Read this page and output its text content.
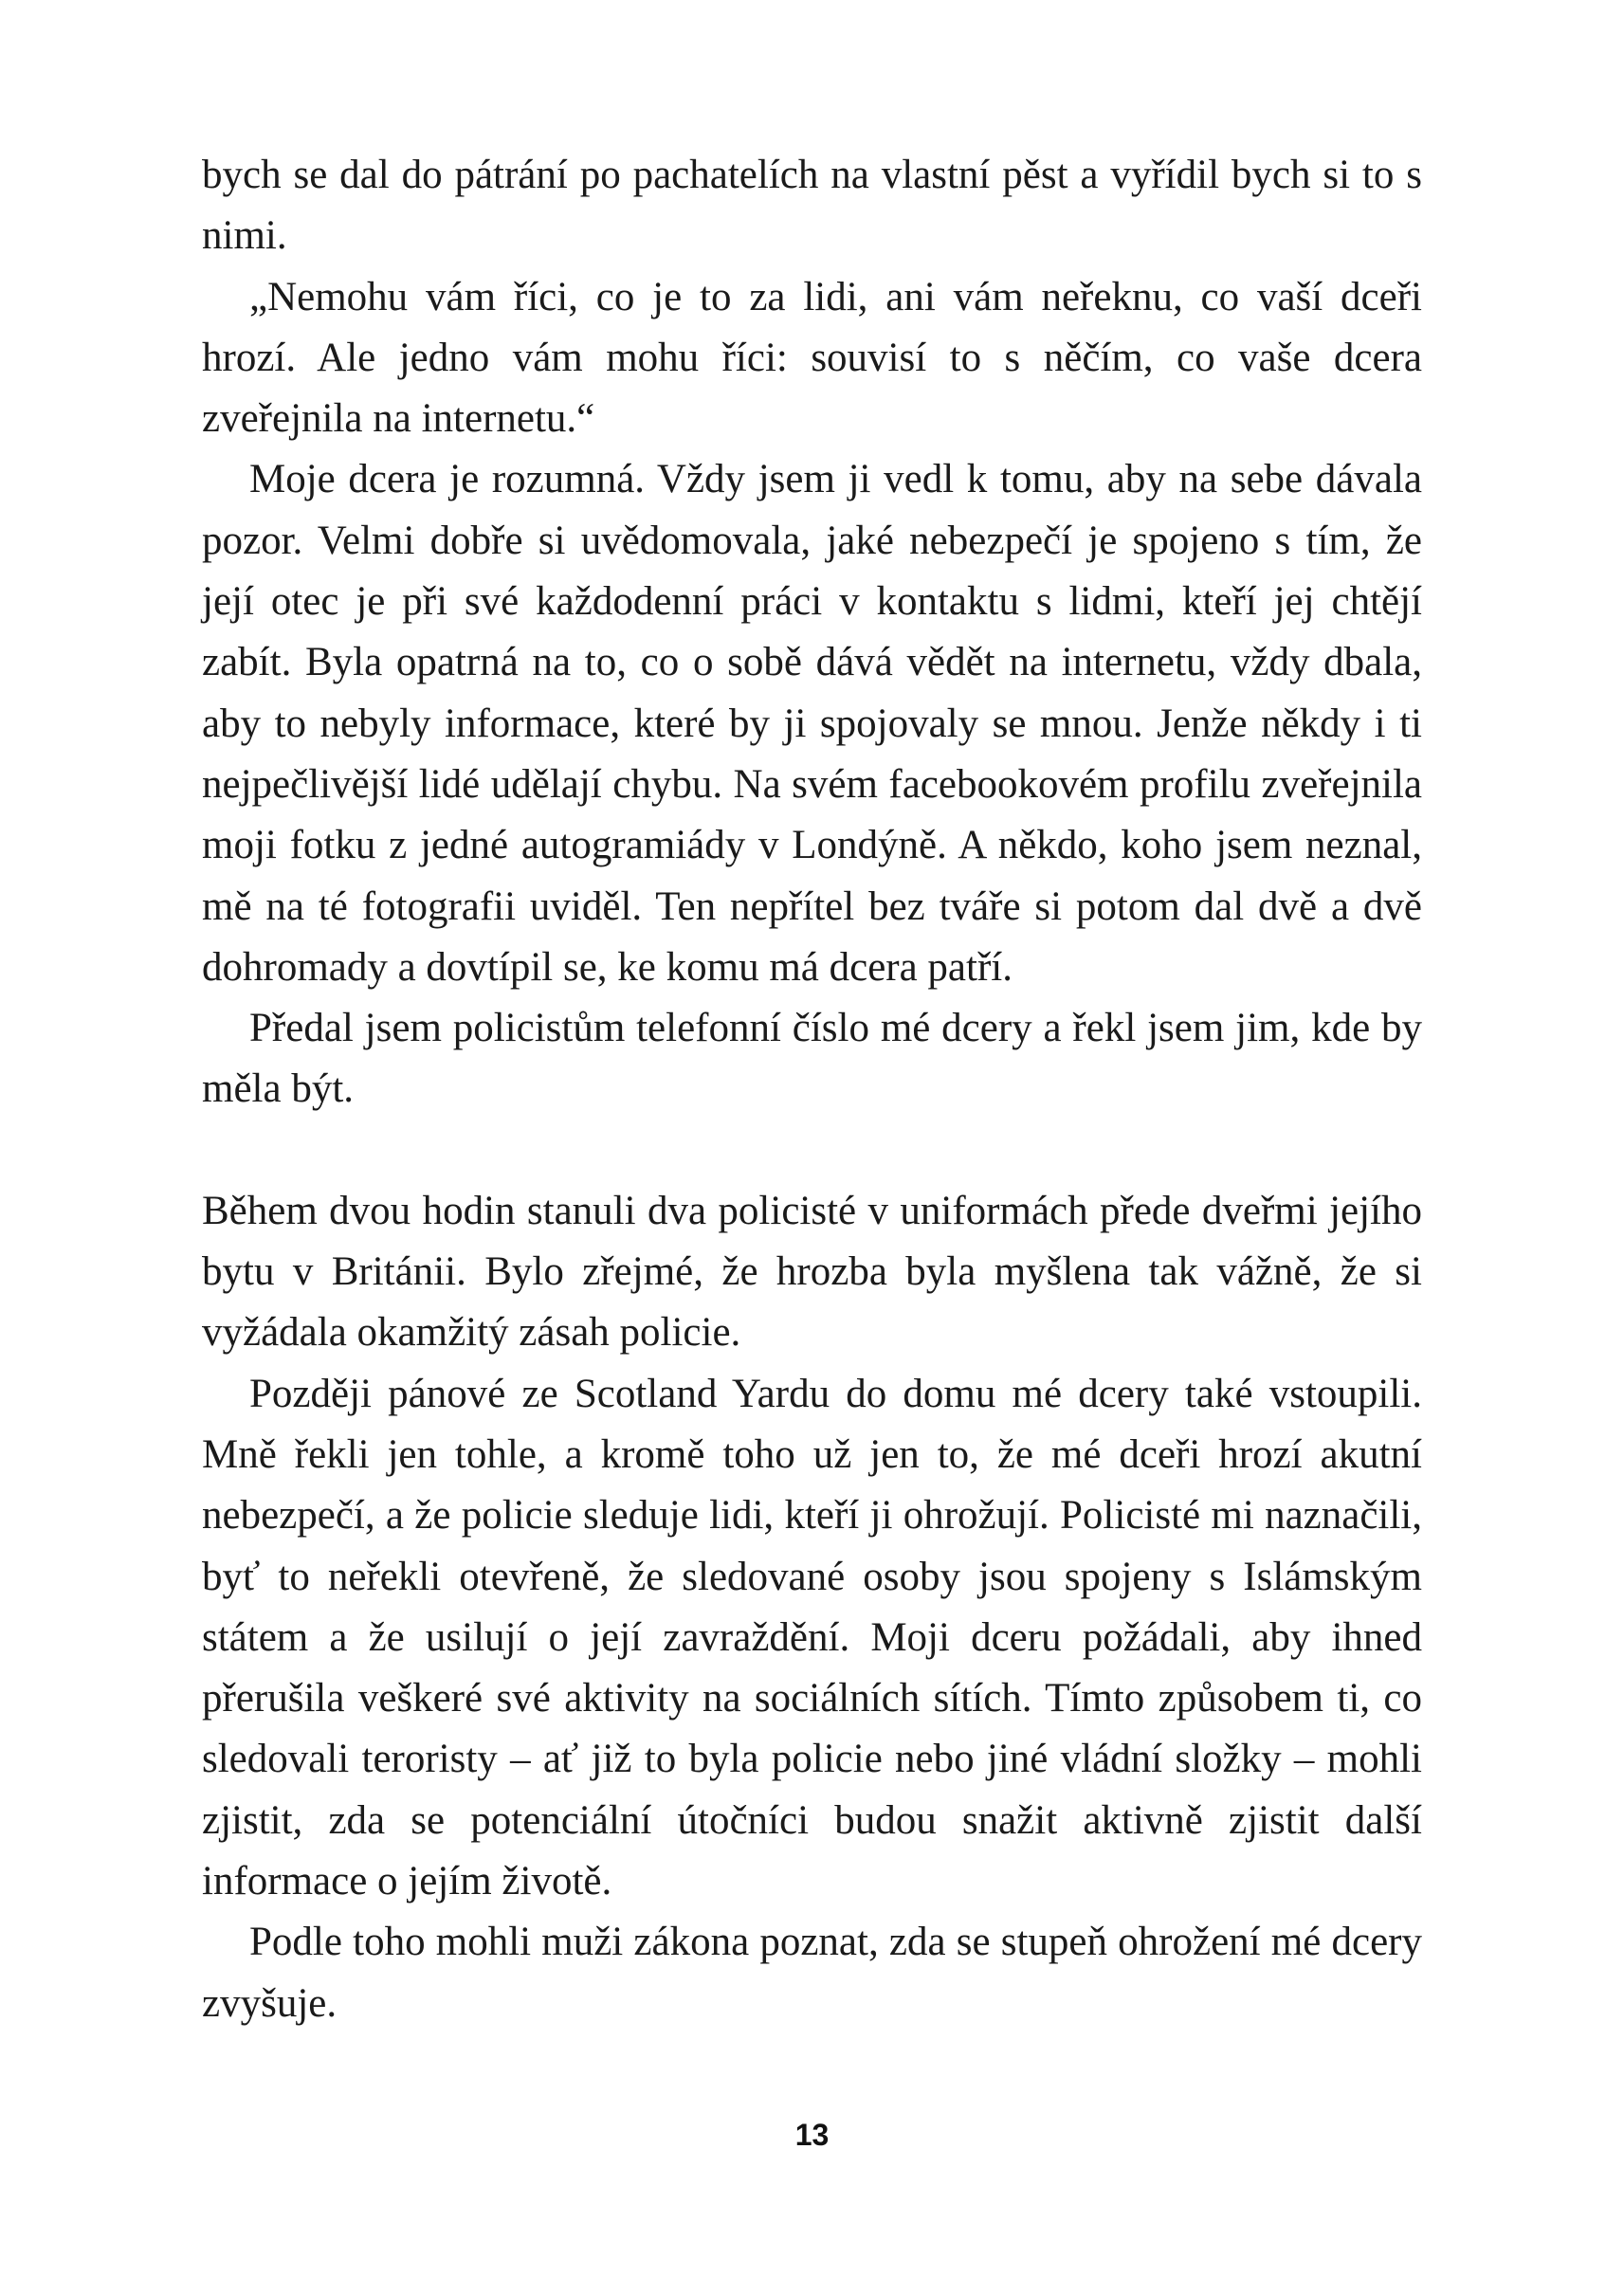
bych se dal do pátrání po pachatelích na vlastní pěst a vyřídil bych si to s nimi.

„Nemohu vám říci, co je to za lidi, ani vám neřeknu, co vaší dceři hrozí. Ale jedno vám mohu říci: souvisí to s něčím, co vaše dcera zveřejnila na internetu.“

Moje dcera je rozumná. Vždy jsem ji vedl k tomu, aby na sebe dávala pozor. Velmi dobře si uvědomovala, jaké nebezpečí je spojeno s tím, že její otec je při své každodenní práci v kontaktu s lidmi, kteří jej chtějí zabít. Byla opatrná na to, co o sobě dává vědět na internetu, vždy dbala, aby to nebyly informace, které by ji spojovaly se mnou. Jenže někdy i ti nejpečlivější lidé udělají chybu. Na svém facebookovém profilu zveřejnila moji fotku z jedné autogramiády v Londýně. A někdo, koho jsem neznal, mě na té fotografii uviděl. Ten nepřítel bez tváře si potom dal dvě a dvě dohromady a dovtípil se, ke komu má dcera patří.

Předal jsem policistům telefonní číslo mé dcery a řekl jsem jim, kde by měla být.

Během dvou hodin stanuli dva policisté v uniformách přede dveřmi jejího bytu v Británii. Bylo zřejmé, že hrozba byla myšlena tak vážně, že si vyžádala okamžitý zásah policie.

Později pánové ze Scotland Yardu do domu mé dcery také vstoupili. Mně řekli jen tohle, a kromě toho už jen to, že mé dceři hrozí akutní nebezpečí, a že policie sleduje lidi, kteří ji ohrožují. Policisté mi naznačili, byť to neřekli otevřeně, že sledované osoby jsou spojeny s Islámským státem a že usilují o její zavraždění. Moji dceru požádali, aby ihned přerušila veškeré své aktivity na sociálních sítích. Tímto způsobem ti, co sledovali teroristy – ať již to byla policie nebo jiné vládní složky – mohli zjistit, zda se potenciální útočníci budou snažit aktivně zjistit další informace o jejím životě.

Podle toho mohli muži zákona poznat, zda se stupeň ohrožení mé dcery zvyšuje.

13
